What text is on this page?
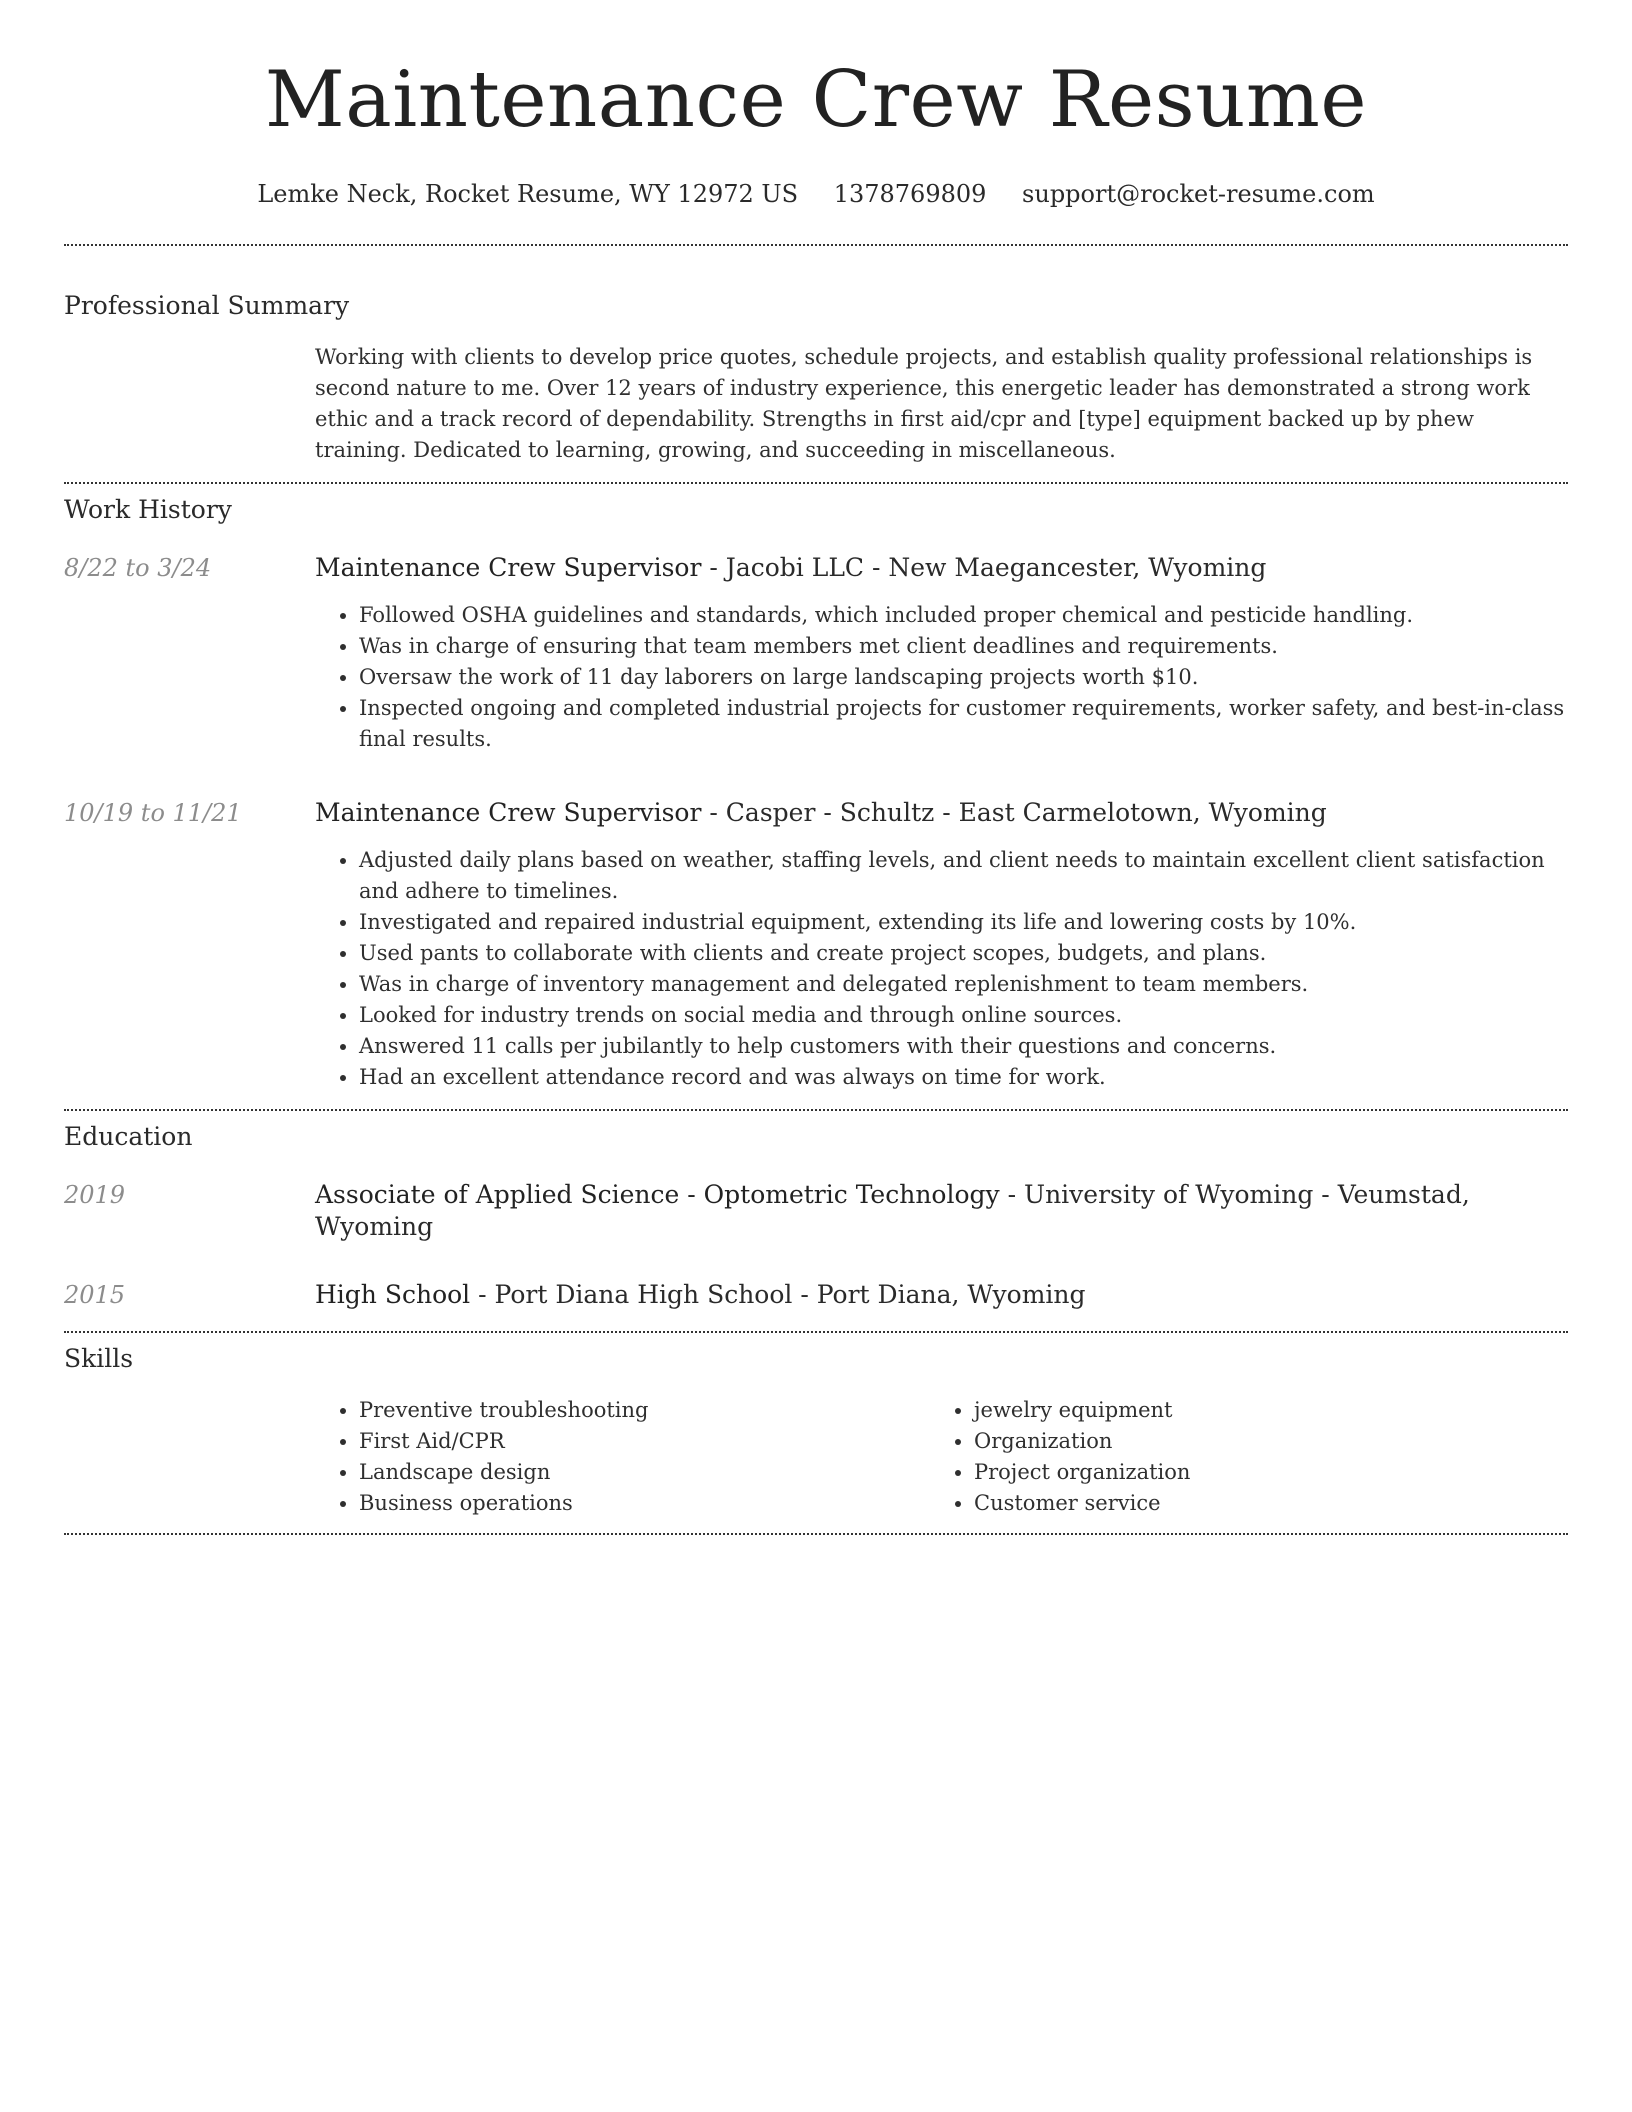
Maintenance Crew Resume
Lemke Neck, Rocket Resume, WY 12972 US 1378769809 support@rocket-resume.com
Professional Summary
Working with clients to develop price quotes, schedule projects, and establish quality professional relationships is second nature to me. Over 12 years of industry experience, this energetic leader has demonstrated a strong work ethic and a track record of dependability. Strengths in first aid/cpr and [type] equipment backed up by phew training. Dedicated to learning, growing, and succeeding in miscellaneous.
Work History
8/22 to 3/24	Maintenance Crew Supervisor - Jacobi LLC - New Maegancester, Wyoming
• Followed OSHA guidelines and standards, which included proper chemical and pesticide handling.
• Was in charge of ensuring that team members met client deadlines and requirements.
• Oversaw the work of 11 day laborers on large landscaping projects worth $10.
• Inspected ongoing and completed industrial projects for customer requirements, worker safety, and best-in-class final results.
10/19 to 11/21	Maintenance Crew Supervisor - Casper - Schultz - East Carmelotown, Wyoming
• Adjusted daily plans based on weather, staffing levels, and client needs to maintain excellent client satisfaction and adhere to timelines.
• Investigated and repaired industrial equipment, extending its life and lowering costs by 10%.
• Used pants to collaborate with clients and create project scopes, budgets, and plans.
• Was in charge of inventory management and delegated replenishment to team members.
• Looked for industry trends on social media and through online sources.
• Answered 11 calls per jubilantly to help customers with their questions and concerns.
• Had an excellent attendance record and was always on time for work.
Education
2019	Associate of Applied Science - Optometric Technology - University of Wyoming - Veumstad, Wyoming
2015	High School - Port Diana High School - Port Diana, Wyoming
Skills
• Preventive troubleshooting
• First Aid/CPR
• Landscape design
• Business operations
• jewelry equipment
• Organization
• Project organization
• Customer service
